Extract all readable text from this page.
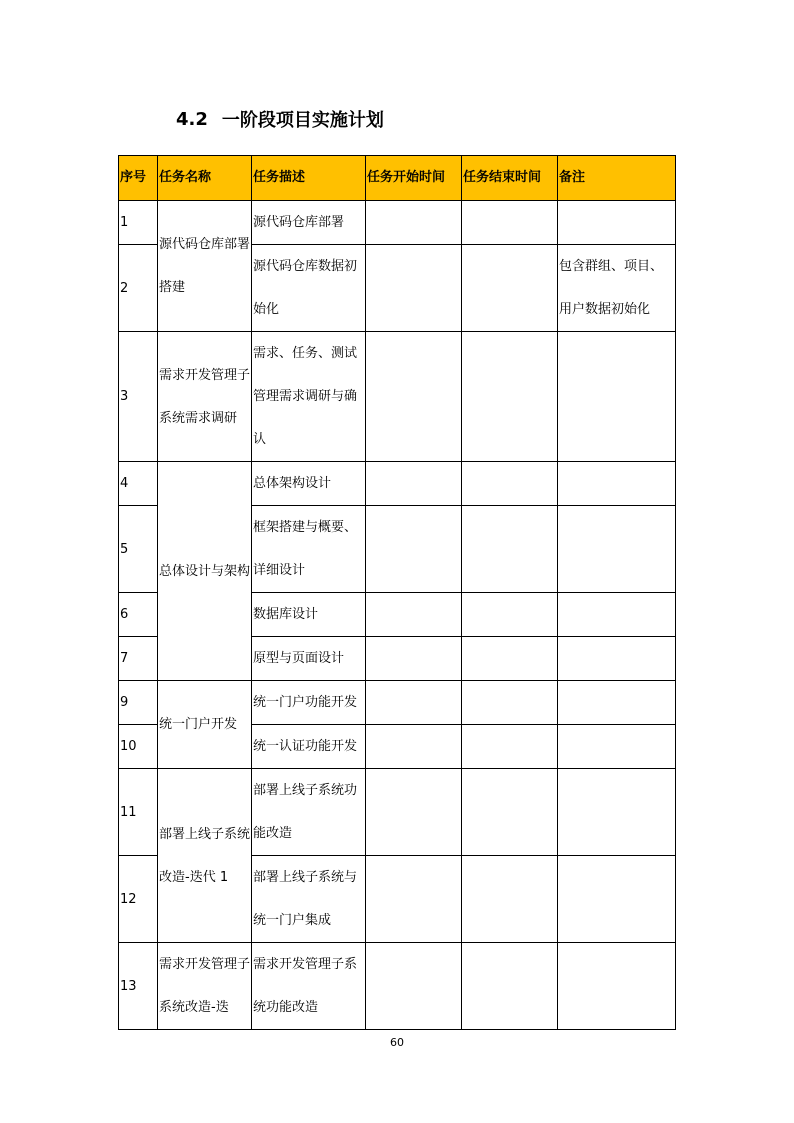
4.2 一阶段项目实施计划
序号	任务名称	任务描述	任务开始时间	任务结束时间	备注
1	源代码仓库部署搭建	源代码仓库部署			
2		源代码仓库数据初始化			包含群组、项目、用户数据初始化
3	需求开发管理子系统需求调研	需求、任务、测试管理需求调研与确认			
4	总体设计与架构	总体架构设计			
5		框架搭建与概要、详细设计			
6		数据库设计			
7		原型与页面设计			
9	统一门户开发	统一门户功能开发			
10		统一认证功能开发			
11	部署上线子系统改造-迭代 1	部署上线子系统功能改造			
12		部署上线子系统与统一门户集成			
13	需求开发管理子系统改造-迭	需求开发管理子系统功能改造			
60
